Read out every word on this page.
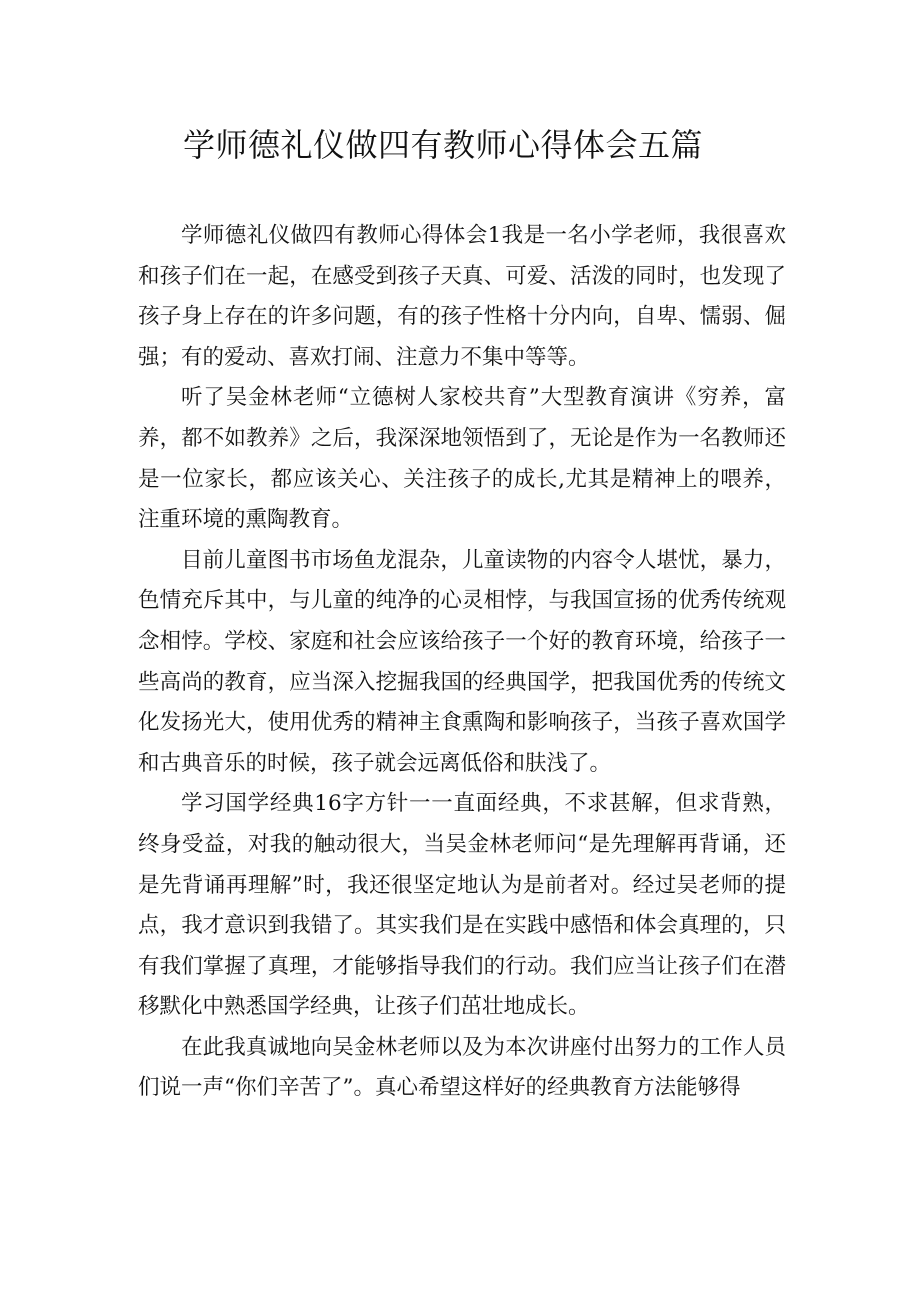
学师德礼仪做四有教师心得体会五篇

学师德礼仪做四有教师心得体会1我是一名小学老师，我很喜欢和孩子们在一起，在感受到孩子天真、可爱、活泼的同时，也发现了孩子身上存在的许多问题，有的孩子性格十分内向，自卑、懦弱、倔强；有的爱动、喜欢打闹、注意力不集中等等。

听了吴金林老师“立德树人家校共育”大型教育演讲《穷养，富养，都不如教养》之后，我深深地领悟到了，无论是作为一名教师还是一位家长，都应该关心、关注孩子的成长,尤其是精神上的喂养，注重环境的熏陶教育。

目前儿童图书市场鱼龙混杂，儿童读物的内容令人堪忧，暴力，色情充斥其中，与儿童的纯净的心灵相悖，与我国宣扬的优秀传统观念相悖。学校、家庭和社会应该给孩子一个好的教育环境，给孩子一些高尚的教育，应当深入挖掘我国的经典国学，把我国优秀的传统文化发扬光大，使用优秀的精神主食熏陶和影响孩子，当孩子喜欢国学和古典音乐的时候，孩子就会远离低俗和肤浅了。

学习国学经典16字方针一一直面经典，不求甚解，但求背熟，终身受益，对我的触动很大，当吴金林老师问“是先理解再背诵，还是先背诵再理解”时，我还很坚定地认为是前者对。经过吴老师的提点，我才意识到我错了。其实我们是在实践中感悟和体会真理的，只有我们掌握了真理，才能够指导我们的行动。我们应当让孩子们在潜移默化中熟悉国学经典，让孩子们茁壮地成长。

在此我真诚地向吴金林老师以及为本次讲座付出努力的工作人员们说一声“你们辛苦了”。真心希望这样好的经典教育方法能够得
